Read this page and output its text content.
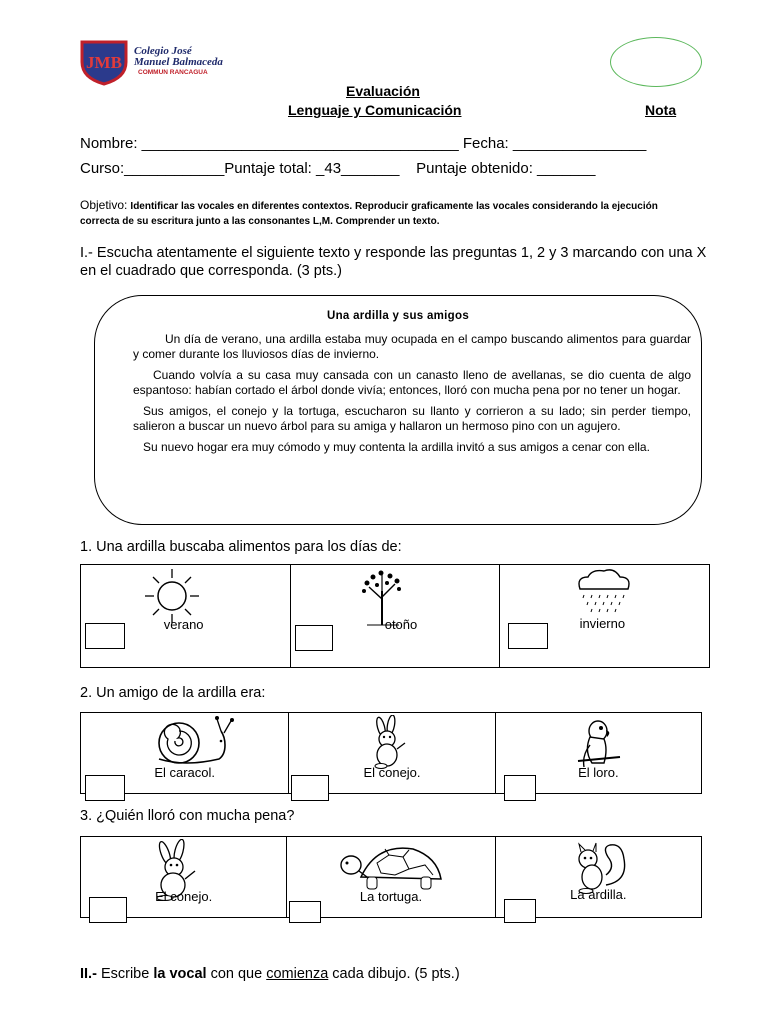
JMB
Colegio José
Manuel Balmaceda
COMMUN RANCAGUA
Evaluación
Lenguaje y Comunicación	Nota
Nombre: ______________________________________ Fecha: ________________
Curso:____________Puntaje total: _43_______    Puntaje obtenido: _______
Objetivo: Identificar las vocales en diferentes contextos. Reproducir graficamente las vocales considerando la ejecución correcta de su escritura junto a las consonantes L,M. Comprender un texto.
I.- Escucha atentamente el siguiente texto y responde las preguntas 1, 2 y 3 marcando con una X en el cuadrado que corresponda. (3 pts.)
Una ardilla y sus amigos

Un día de verano, una ardilla estaba muy ocupada en el campo buscando alimentos para guardar y comer durante los lluviosos días de invierno.

Cuando volvía a su casa muy cansada con un canasto lleno de avellanas, se dio cuenta de algo espantoso: habían cortado el árbol donde vivía; entonces, lloró con mucha pena por no tener un hogar.

Sus amigos, el conejo y la tortuga, escucharon su llanto y corrieron a su lado; sin perder tiempo, salieron a buscar un nuevo árbol para su amiga y hallaron un hermoso pino con un agujero.

Su nuevo hogar era muy cómodo y muy contenta la ardilla invitó a sus amigos a cenar con ella.

1. Una ardilla buscaba alimentos para los días de:
verano	otoño	invierno
2. Un amigo de la ardilla era:
El caracol.	El conejo.	El loro.
3. ¿Quién lloró con mucha pena?
El conejo.	La tortuga.	La ardilla.
II.- Escribe la vocal con que comienza cada dibujo. (5 pts.)
